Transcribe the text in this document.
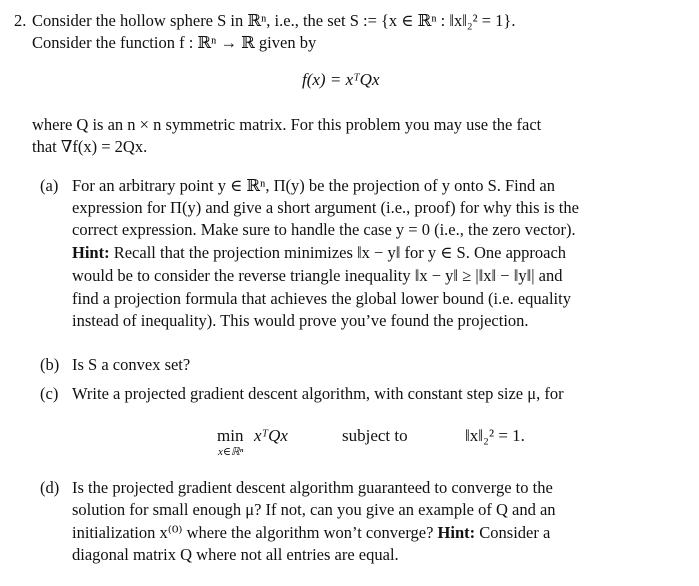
2. Consider the hollow sphere S in ℝⁿ, i.e., the set S := {x ∈ ℝⁿ : ‖x‖₂² = 1}.
Consider the function f : ℝⁿ → ℝ given by
f(x) = xᵀQx
where Q is an n × n symmetric matrix. For this problem you may use the fact
that ∇f(x) = 2Qx.
(a) For an arbitrary point y ∈ ℝⁿ, Π(y) be the projection of y onto S. Find an
expression for Π(y) and give a short argument (i.e., proof) for why this is the
correct expression. Make sure to handle the case y = 0 (i.e., the zero vector).
Hint: Recall that the projection minimizes ‖x − y‖ for y ∈ S. One approach
would be to consider the reverse triangle inequality ‖x − y‖ ≥ |‖x‖ − ‖y‖| and
find a projection formula that achieves the global lower bound (i.e. equality
instead of inequality). This would prove you’ve found the projection.
(b) Is S a convex set?
(c) Write a projected gradient descent algorithm, with constant step size μ, for
min
x∈ℝⁿ
xᵀQx	subject to	‖x‖₂² = 1.
(d) Is the projected gradient descent algorithm guaranteed to converge to the
solution for small enough μ? If not, can you give an example of Q and an
initialization x⁽⁰⁾ where the algorithm won’t converge? Hint: Consider a
diagonal matrix Q where not all entries are equal.
